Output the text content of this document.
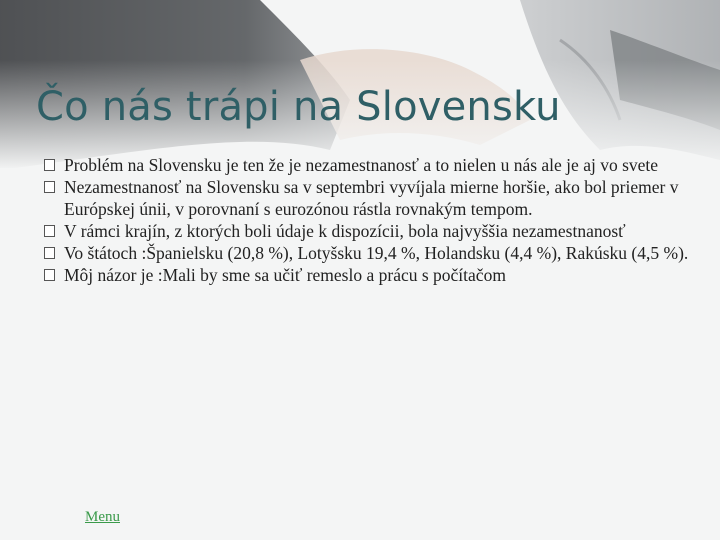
Čo nás trápi na Slovensku
Problém na Slovensku je ten že je nezamestnanosť a to nielen u nás ale je aj vo svete
Nezamestnanosť na Slovensku sa v septembri vyvíjala mierne horšie, ako bol priemer v Európskej únii, v porovnaní s eurozónou rástla rovnakým tempom.
V rámci krajín, z ktorých boli údaje k dispozícii, bola najvyššia nezamestnanosť
Vo štátoch :Španielsku (20,8 %), Lotyšsku 19,4 %, Holandsku (4,4 %), Rakúsku (4,5 %).
Môj názor je :Mali by sme sa učiť remeslo a prácu s počítačom
Menu
